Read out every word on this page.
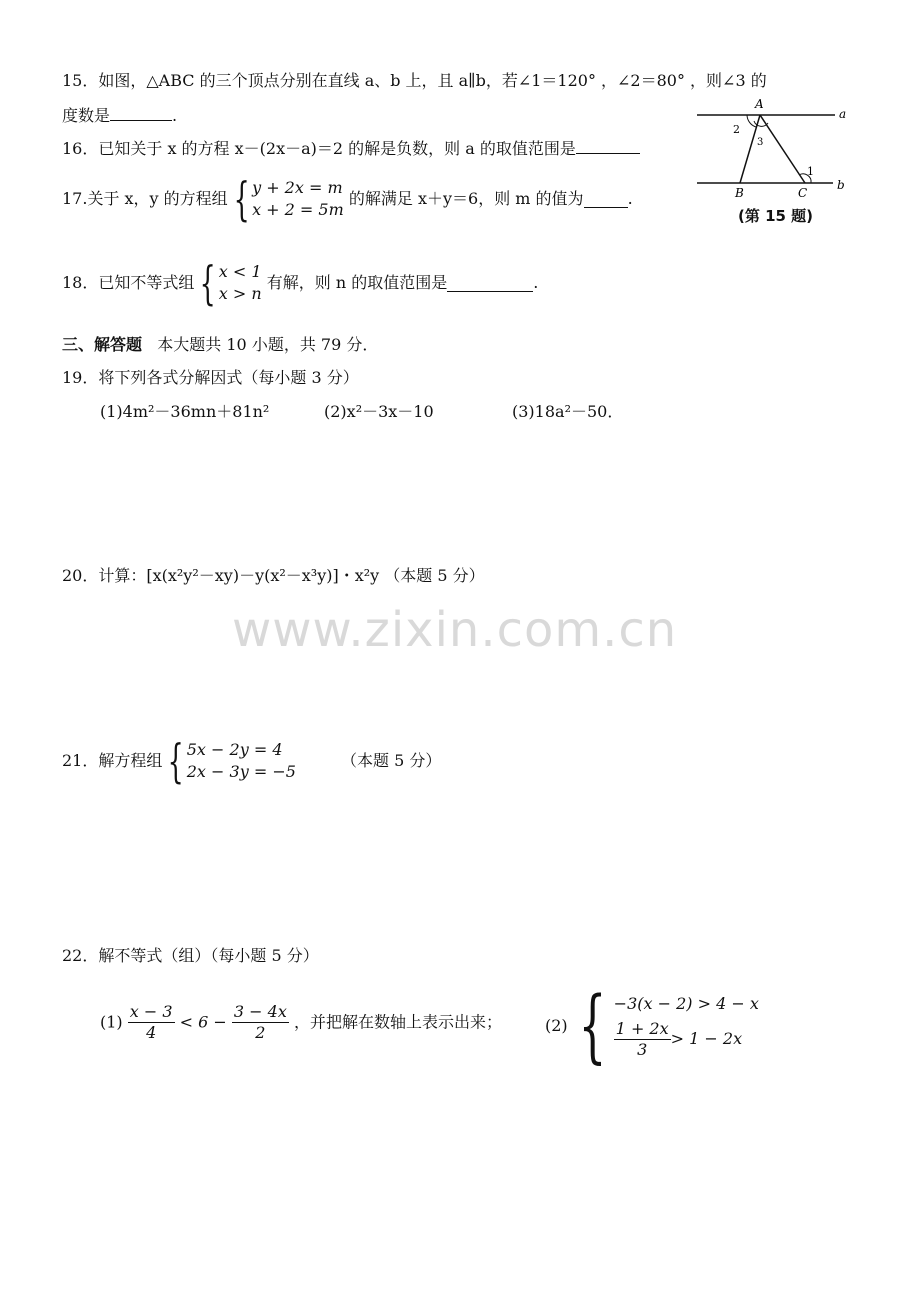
15．如图，△ABC 的三个顶点分别在直线 a、b 上，且 a∥b，若∠1＝120° ，∠2＝80° ，则∠3 的
度数是	.
A
a
B	C
b
1
2
3
(第 15 题)
16．已知关于 x 的方程 x－(2x－a)＝2 的解是负数，则 a 的取值范围是
17.关于 x，y 的方程组 { y + 2x = m
x + 2 = 5m
的解满足 x＋y＝6，则 m 的值为	.
18．已知不等式组 { x < 1
x > n
有解，则 n 的取值范围是	.
三、解答题 本大题共 10 小题，共 79 分．
19．将下列各式分解因式（每小题 3 分）
(1)4m²－36mn＋81n²	(2)x²－3x－10	(3)18a²－50．
20．计算：[x(x²y²－xy)－y(x²－x³y)]・x²y （本题 5 分）
www.zixin.com.cn
21．解方程组 { 5x − 2y = 4
2x − 3y = −5
（本题 5 分）
22．解不等式（组）（每小题 5 分）
$(1) \frac{x - 3}{4} < 6 - \frac{3 - 4x}{2}$ ，并把解在数轴上表示出来；	(2) { −3(x − 2) > 4 − x
$\frac{1 + 2x}{3} > 1 - 2x$
